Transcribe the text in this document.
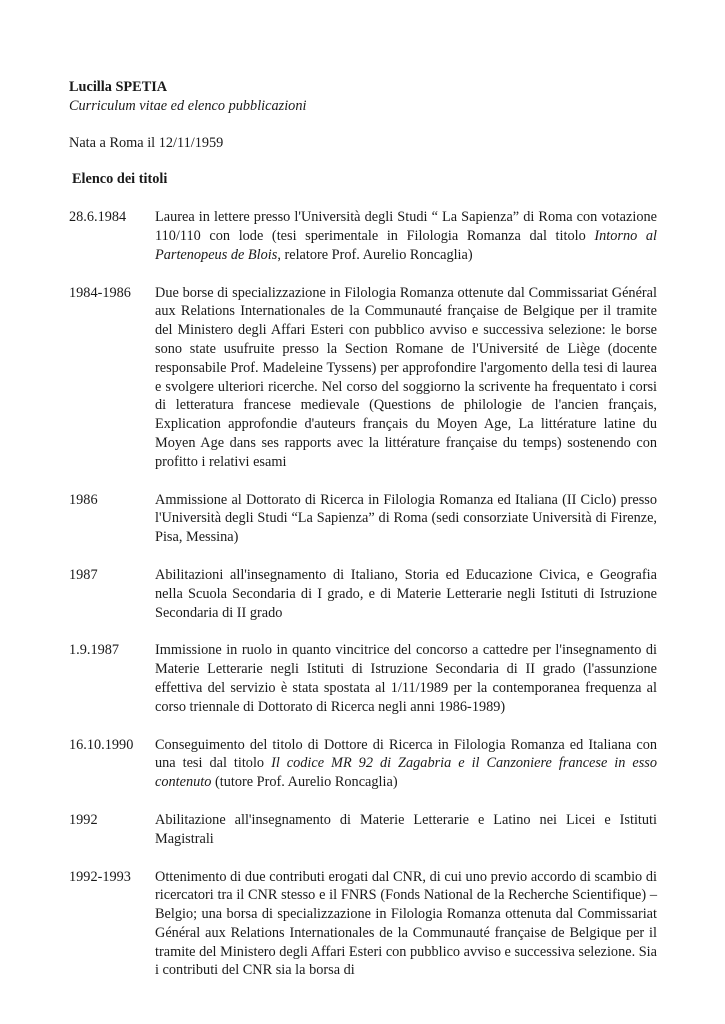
Lucilla SPETIA
Curriculum vitae ed elenco pubblicazioni
Nata a Roma il 12/11/1959
Elenco dei titoli
28.6.1984	Laurea in lettere presso l'Università degli Studi “ La Sapienza” di Roma con votazione 110/110 con lode (tesi sperimentale in Filologia Romanza dal titolo Intorno al Partenopeus de Blois, relatore Prof. Aurelio Roncaglia)
1984-1986	Due borse di specializzazione in Filologia Romanza ottenute dal Commissariat Général aux Relations Internationales de la Communauté française de Belgique per il tramite del Ministero degli Affari Esteri con pubblico avviso e successiva selezione: le borse sono state usufruite presso la Section Romane de l'Université de Liège (docente responsabile Prof. Madeleine Tyssens) per approfondire l'argomento della tesi di laurea e svolgere ulteriori ricerche. Nel corso del soggiorno la scrivente ha frequentato i corsi di letteratura francese medievale (Questions de philologie de l'ancien français, Explication approfondie d'auteurs français du Moyen Age, La littérature latine du Moyen Age dans ses rapports avec la littérature française du temps) sostenendo con profitto i relativi esami
1986	Ammissione al Dottorato di Ricerca in Filologia Romanza ed Italiana (II Ciclo) presso l'Università degli Studi “La Sapienza” di Roma (sedi consorziate Università di Firenze, Pisa, Messina)
1987	Abilitazioni all'insegnamento di Italiano, Storia ed Educazione Civica, e Geografia nella Scuola Secondaria di I grado, e di Materie Letterarie negli Istituti di Istruzione Secondaria di II grado
1.9.1987	Immissione in ruolo in quanto vincitrice del concorso a cattedre per l'insegnamento di Materie Letterarie negli Istituti di Istruzione Secondaria di II grado (l'assunzione effettiva del servizio è stata spostata al 1/11/1989 per la contemporanea frequenza al corso triennale di Dottorato di Ricerca negli anni 1986-1989)
16.10.1990	Conseguimento del titolo di Dottore di Ricerca in Filologia Romanza ed Italiana con una tesi dal titolo Il codice MR 92 di Zagabria e il Canzoniere francese in esso contenuto (tutore Prof. Aurelio Roncaglia)
1992	Abilitazione all'insegnamento di Materie Letterarie e Latino nei Licei e Istituti Magistrali
1992-1993	Ottenimento di due contributi erogati dal CNR, di cui uno previo accordo di scambio di ricercatori tra il CNR stesso e il FNRS (Fonds National de la Recherche Scientifique) – Belgio; una borsa di specializzazione in Filologia Romanza ottenuta dal Commissariat Général aux Relations Internationales de la Communauté française de Belgique per il tramite del Ministero degli Affari Esteri con pubblico avviso e successiva selezione. Sia i contributi del CNR sia la borsa di
